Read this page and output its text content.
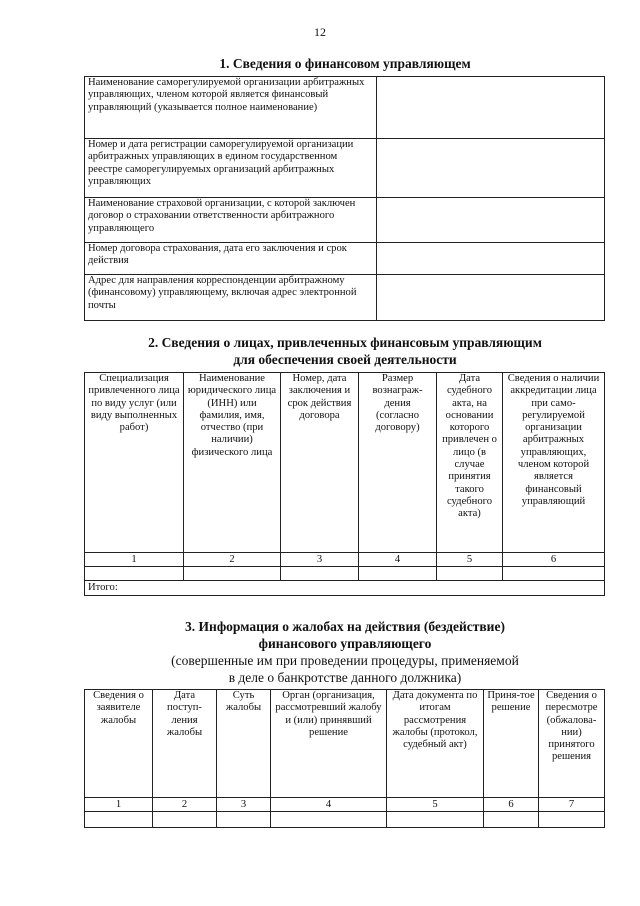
12
1. Сведения о финансовом управляющем
Наименование саморегулируемой организации арбитражных управляющих, членом которой является финансовый управляющий (указывается полное наименование)	
Номер и дата регистрации саморегулируемой организации арбитражных управляющих в едином государственном реестре саморегулируемых организаций арбитражных управляющих	
Наименование страховой организации, с которой заключен договор о страховании ответственности арбитражного управляющего	
Номер договора страхования, дата его заключения и срок действия	
Адрес для направления корреспонденции арбитражному (финансовому) управляющему, включая адрес электронной почты	
2. Сведения о лицах, привлеченных финансовым управляющим
для обеспечения своей деятельности
Специализация привлеченного лица по виду услуг (или виду выполненных работ)	Наименование юридического лица (ИНН) или фамилия, имя, отчество (при наличии) физического лица	Номер, дата заключения и срок действия договора	Размер вознаграж-дения (согласно договору)	Дата судебного акта, на основании которого привлечен о лицо (в случае принятия такого судебного акта)	Сведения о наличии аккредитации лица при само-регулируемой организации арбитражных управляющих, членом которой является финансовый управляющий
1	2	3	4	5	6

Итого:					
3. Информация о жалобах на действия (бездействие)
финансового управляющего
(совершенные им при проведении процедуры, применяемой
в деле о банкротстве данного должника)
Сведения о заявителе жалобы	Дата поступ-ления жалобы	Суть жалобы	Орган (организация, рассмотревший жалобу и (или) принявший решение	Дата документа по итогам рассмотрения жалобы (протокол, судебный акт)	Приня-тое решение	Сведения о пересмотре (обжалова-нии) принятого решения
1	2	3	4	5	6	7
